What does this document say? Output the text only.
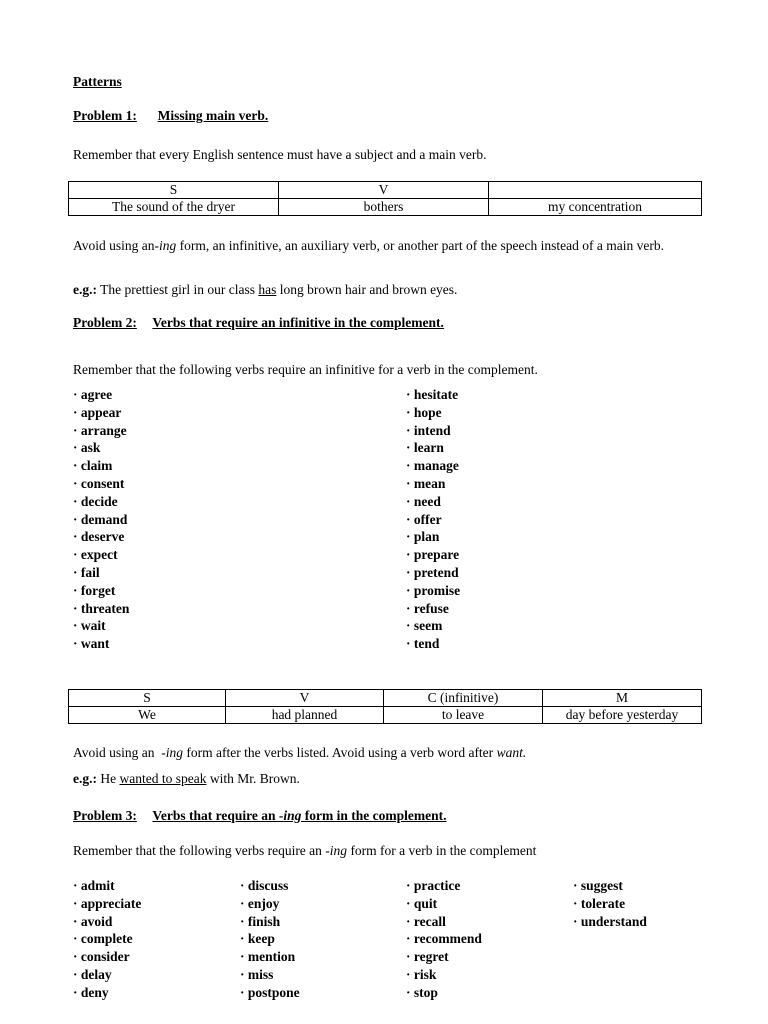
Patterns
Problem 1: Missing main verb.
Remember that every English sentence must have a subject and a main verb.
S	V	
The sound of the dryer	bothers	my concentration
Avoid using an-ing form, an infinitive, an auxiliary verb, or another part of the speech instead of a main verb.
e.g.: The prettiest girl in our class has long brown hair and brown eyes.
Problem 2: Verbs that require an infinitive in the complement.
Remember that the following verbs require an infinitive for a verb in the complement.
· agree
· appear
· arrange
· ask
· claim
· consent
· decide
· demand
· deserve
· expect
· fail
· forget
· threaten
· wait
· want
· hesitate
· hope
· intend
· learn
· manage
· mean
· need
· offer
· plan
· prepare
· pretend
· promise
· refuse
· seem
· tend
S	V	C (infinitive)	M
We	had planned	to leave	day before yesterday
Avoid using an  -ing form after the verbs listed. Avoid using a verb word after want.
e.g.: He wanted to speak with Mr. Brown.
Problem 3: Verbs that require an -ing form in the complement.
Remember that the following verbs require an -ing form for a verb in the complement
· admit
· appreciate
· avoid
· complete
· consider
· delay
· deny
· discuss
· enjoy
· finish
· keep
· mention
· miss
· postpone
· practice
· quit
· recall
· recommend
· regret
· risk
· stop
· suggest
· tolerate
· understand
